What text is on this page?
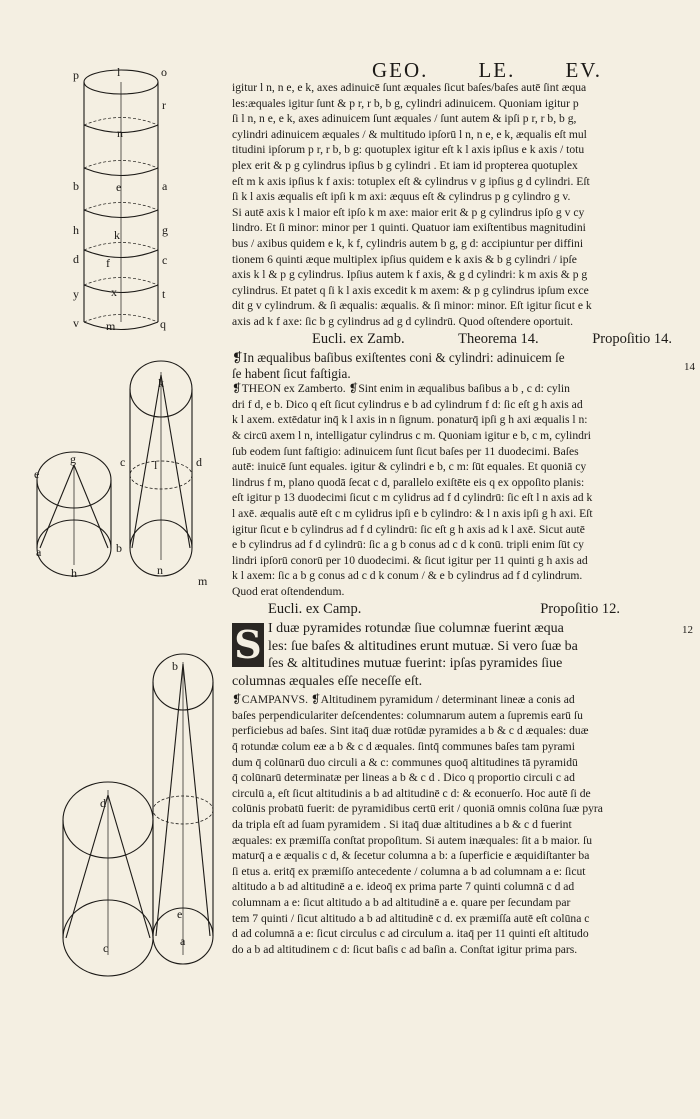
p	l	o
r
n
b	e	a
h	k	g
d f	c
y	x	t
v m	q
k
c l	d
n
m
e
g
a
h
b
b
d
e
c	a
GEO. LE. EV.
igitur l n, n e, e k, axes adinuicē ſunt æquales ſicut baſes/baſes autē ſint æqua
les:æquales igitur ſunt & p r, r b, b g, cylindri adinuicem. Quoniam igitur p
ſi l n, n e, e k, axes adinuicem ſunt æquales / ſunt autem & ipſi p r, r b, b g,
cylindri adinuicem æquales / & multitudo ipſorū l n, n e, e k, æqualis eſt mul
titudini ipſorum p r, r b, b g: quotuplex igitur eſt k l axis ipſius e k axis / totu
plex erit & p g cylindrus ipſius b g cylindri . Et iam id propterea quotuplex
eſt m k axis ipſius k f axis: totuplex eſt & cylindrus v g ipſius g d cylindri. Eſt
ſi k l axis æqualis eſt ipſi k m axi: æquus eſt & cylindrus p g cylindro g v.
Si autē axis k l maior eſt ipſo k m axe: maior erit & p g cylindrus ipſo g v cy
lindro. Et ſi minor: minor per 1 quinti. Quatuor iam exiſtentibus magnitudini
bus / axibus quidem e k, k f, cylindris autem b g, g d: accipiuntur per diffini
tionem 6 quinti æque multiplex ipſius quidem e k axis & b g cylindri / ipſe
axis k l & p g cylindrus. Ipſius autem k f axis, & g d cylindri: k m axis & p g
cylindrus. Et patet q ſi k l axis excedit k m axem: & p g cylindrus ipſum exce
dit g v cylindrum. & ſi æqualis: æqualis. & ſi minor: minor. Eſt igitur ſicut e k
axis ad k f axe: ſic b g cylindrus ad g d cylindrū. Quod oſtendere oportuit.
Eucli. ex Zamb.	Theorema 14.	Propoſitio 14.
❡In æqualibus baſibus exiſtentes coni & cylindri: adinuicem ſe
ſe habent ſicut faſtigia.
❡THEON ex Zamberto. ❡Sint enim in æqualibus baſibus a b , c d: cylin
dri f d, e b. Dico q eſt ſicut cylindrus e b ad cylindrum f d: ſic eſt g h axis ad
k l axem. extēdatur inq̄ k l axis in n ſignum. ponaturq̄ ipſi g h axi æqualis l n:
& circū axem l n, intelligatur cylindrus c m. Quoniam igitur e b, c m, cylindri
ſub eodem ſunt faſtigio: adinuicem ſunt ſicut baſes per 11 duodecimi. Baſes
autē: inuicē ſunt equales. igitur & cylindri e b, c m: ſūt equales. Et quoniā cy
lindrus f m, plano quodā ſecat c d, parallelo exiſtēte eis q ex oppoſito planis:
eſt igitur p 13 duodecimi ſicut c m cylidrus ad f d cylindrū: ſic eſt l n axis ad k
l axē. æqualis autē eſt c m cylidrus ipſi e b cylindro: & l n axis ipſi g h axi. Eſt
igitur ſicut e b cylindrus ad f d cylindrū: ſic eſt g h axis ad k l axē. Sicut autē
e b cylindrus ad f d cylindrū: ſic a g b conus ad c d k conū. tripli enim ſūt cy
lindri ipſorū conorū per 10 duodecimi. & ſicut igitur per 11 quinti g h axis ad
k l axem: ſic a b g conus ad c d k conum / & e b cylindrus ad f d cylindrum.
Quod erat oſtendendum.
Eucli. ex Camp.	Propoſitio 12.
S I duæ pyramides rotundæ ſiue columnæ fuerint æqua
les: ſue baſes & altitudines erunt mutuæ. Si vero ſuæ ba
ſes & altitudines mutuæ fuerint: ipſas pyramides ſiue
columnas æquales eſſe neceſſe eſt.
❡CAMPANVS. ❡Altitudinem pyramidum / determinant lineæ a conis ad
baſes perpendiculariter deſcendentes: columnarum autem a ſupremis earū ſu
perficiebus ad baſes. Sint itaq̄ duæ rotūdæ pyramides a b & c d æquales: duæ
q̄ rotundæ colum eæ a b & c d æquales. ſintq̄ communes baſes tam pyrami
dum q̄ colūnarū duo circuli a & c: communes quoq̄ altitudines tā pyramidū
q̄ colūnarū determinatæ per lineas a b & c d . Dico q proportio circuli c ad
circulū a, eſt ſicut altitudinis a b ad altitudinē c d: & econuerſo. Hoc autē ſi de
colūnis probatū fuerit: de pyramidibus certū erit / quoniā omnis colūna ſuæ pyra
da tripla eſt ad ſuam pyramidem . Si itaq̄ duæ altitudines a b & c d fuerint
æquales: ex præmiſſa conſtat propoſitum. Si autem inæquales: ſit a b maior. ſu
maturq̄ a e æqualis c d, & ſecetur columna a b: a ſuperficie e æquidiſtanter ba
ſi etus a. eritq̄ ex præmiſſo antecedente / columna a b ad columnam a e: ſicut
altitudo a b ad altitudinē a e. ideoq̄ ex prima parte 7 quinti columnā c d ad
columnam a e: ſicut altitudo a b ad altitudinē a e. quare per ſecundam par
tem 7 quinti / ſicut altitudo a b ad altitudinē c d. ex præmiſſa autē eſt colūna c
d ad columnā a e: ſicut circulus c ad circulum a. itaq̄ per 11 quinti eſt altitudo
do a b ad altitudinem c d: ſicut baſis c ad baſin a. Conſtat igitur prima pars.
14
12
